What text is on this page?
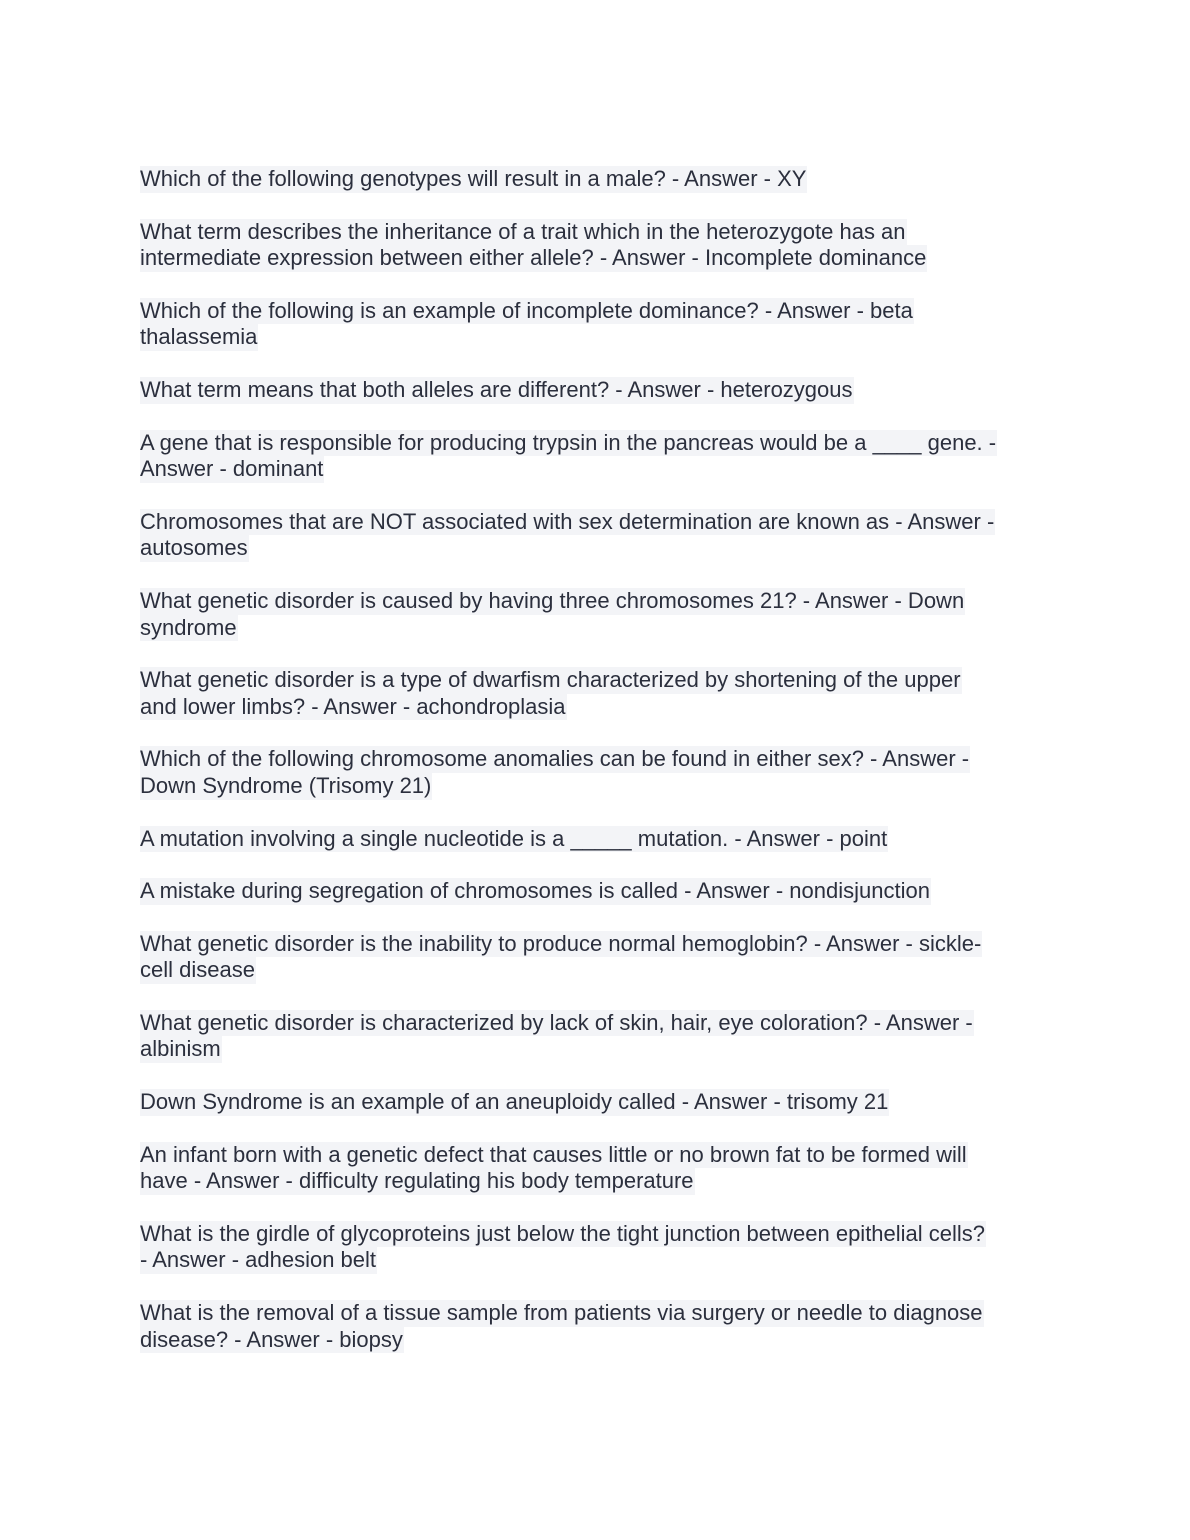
Which of the following genotypes will result in a male? - Answer - XY
What term describes the inheritance of a trait which in the heterozygote has an
intermediate expression between either allele? - Answer - Incomplete dominance
Which of the following is an example of incomplete dominance? - Answer - beta
thalassemia
What term means that both alleles are different? - Answer - heterozygous
A gene that is responsible for producing trypsin in the pancreas would be a ____ gene. -
Answer - dominant
Chromosomes that are NOT associated with sex determination are known as - Answer -
autosomes
What genetic disorder is caused by having three chromosomes 21? - Answer - Down
syndrome
What genetic disorder is a type of dwarfism characterized by shortening of the upper
and lower limbs? - Answer - achondroplasia
Which of the following chromosome anomalies can be found in either sex? - Answer -
Down Syndrome (Trisomy 21)
A mutation involving a single nucleotide is a _____ mutation. - Answer - point
A mistake during segregation of chromosomes is called - Answer - nondisjunction
What genetic disorder is the inability to produce normal hemoglobin? - Answer - sickle-
cell disease
What genetic disorder is characterized by lack of skin, hair, eye coloration? - Answer -
albinism
Down Syndrome is an example of an aneuploidy called - Answer - trisomy 21
An infant born with a genetic defect that causes little or no brown fat to be formed will
have - Answer - difficulty regulating his body temperature
What is the girdle of glycoproteins just below the tight junction between epithelial cells?
- Answer - adhesion belt
What is the removal of a tissue sample from patients via surgery or needle to diagnose
disease? - Answer - biopsy
